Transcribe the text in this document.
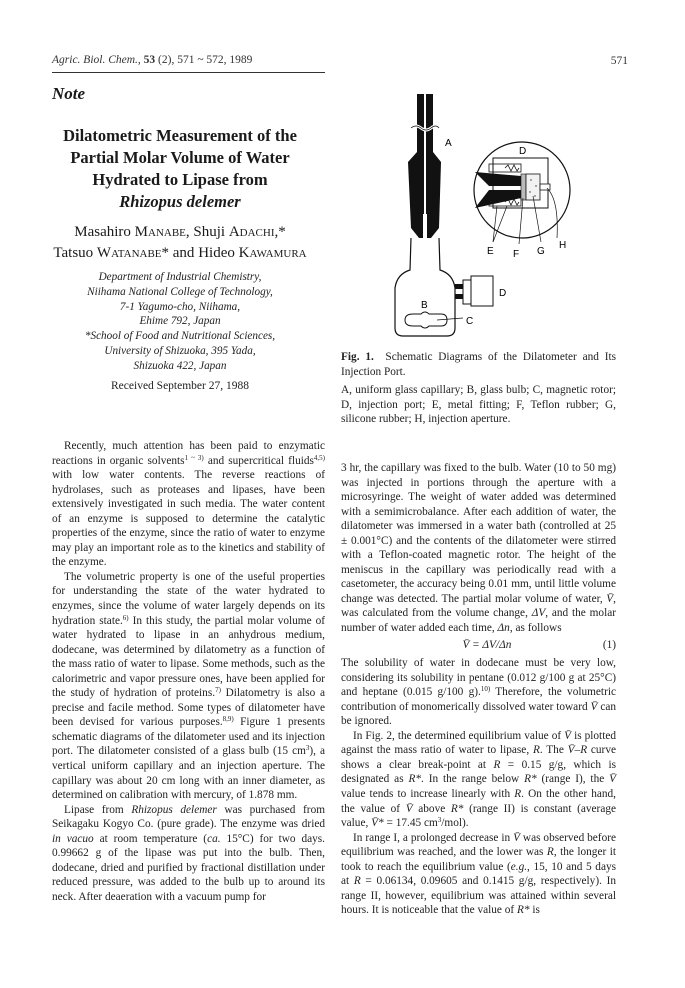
Agric. Biol. Chem., 53 (2), 571 ~ 572, 1989	571
Note
Dilatometric Measurement of the
Partial Molar Volume of Water
Hydrated to Lipase from
Rhizopus delemer
Masahiro Manabe, Shuji Adachi,*
Tatsuo Watanabe* and Hideo Kawamura
Department of Industrial Chemistry,
Niihama National College of Technology,
7-1 Yagumo-cho, Niihama,
Ehime 792, Japan
*School of Food and Nutritional Sciences,
University of Shizuoka, 395 Yada,
Shizuoka 422, Japan
Received September 27, 1988

Recently, much attention has been paid to enzymatic reactions in organic solvents$^{1 \sim 3)}$ and supercritical fluids$^{4,5)}$ with low water contents. The reverse reactions of hydrolases, such as proteases and lipases, have been extensively investigated in such media. The water content of an enzyme is supposed to determine the catalytic properties of the enzyme, since the ratio of water to enzyme may play an important role as to the kinetics and stability of the enzyme.

The volumetric property is one of the useful properties for understanding the state of the water hydrated to enzymes, since the volume of water largely depends on its hydration state.$^{6)}$ In this study, the partial molar volume of water hydrated to lipase in an anhydrous medium, dodecane, was determined by dilatometry as a function of the mass ratio of water to lipase. Some methods, such as the calorimetric and vapor pressure ones, have been applied for the study of hydration of proteins.$^{7)}$ Dilatometry is also a precise and facile method. Some types of dilatometer have been devised for various purposes.$^{8,9)}$ Figure 1 presents schematic diagrams of the dilatometer used and its injection port. The dilatometer consisted of a glass bulb (15 $cm^3$), a vertical uniform capillary and an injection aperture. The capillary was about 20 cm long with an inner diameter, as determined on calibration with mercury, of 1.878 mm.

Lipase from Rhizopus delemer was purchased from Seikagaku Kogyo Co. (pure grade). The enzyme was dried in vacuo at room temperature (ca. 15°C) for two days. 0.99662 g of the lipase was put into the bulb. Then, dodecane, dried and purified by fractional distillation under reduced pressure, was added to the bulb up to around its neck. After deaeration with a vacuum pump for

A
D
E F G
H
B
D
C
Fig. 1. Schematic Diagrams of the Dilatometer and Its Injection Port.
A, uniform glass capillary; B, glass bulb; C, magnetic rotor; D, injection port; E, metal fitting; F, Teflon rubber; G, silicone rubber; H, injection aperture.

3 hr, the capillary was fixed to the bulb. Water (10 to 50 mg) was injected in portions through the aperture with a microsyringe. The weight of water added was determined with a semimicrobalance. After each addition of water, the dilatometer was immersed in a water bath (controlled at 25 ± 0.001°C) and the contents of the dilatometer were stirred with a Teflon-coated magnetic rotor. The height of the meniscus in the capillary was periodically read with a casetometer, the accuracy being 0.01 mm, until little volume change was detected. The partial molar volume of water, V̄, was calculated from the volume change, ΔV, and the molar number of water added each time, Δn, as follows

V̄ = ΔV/Δn	(1)

The solubility of water in dodecane must be very low, considering its solubility in pentane (0.012 g/100 g at 25°C) and heptane (0.015 g/100 g).$^{10)}$ Therefore, the volumetric contribution of monomerically dissolved water toward V̄ can be ignored.

In Fig. 2, the determined equilibrium value of V̄ is plotted against the mass ratio of water to lipase, R. The V̄–R curve shows a clear break-point at R = 0.15 g/g, which is designated as R*. In the range below R* (range I), the V̄ value tends to increase linearly with R. On the other hand, the value of V̄ above R* (range II) is constant (average value, V̄* = 17.45 $cm^3/mol$).

In range I, a prolonged decrease in V̄ was observed before equilibrium was reached, and the lower was R, the longer it took to reach the equilibrium value (e.g., 15, 10 and 5 days at R = 0.06134, 0.09605 and 0.1415 g/g, respectively). In range II, however, equilibrium was attained within several hours. It is noticeable that the value of R* is
